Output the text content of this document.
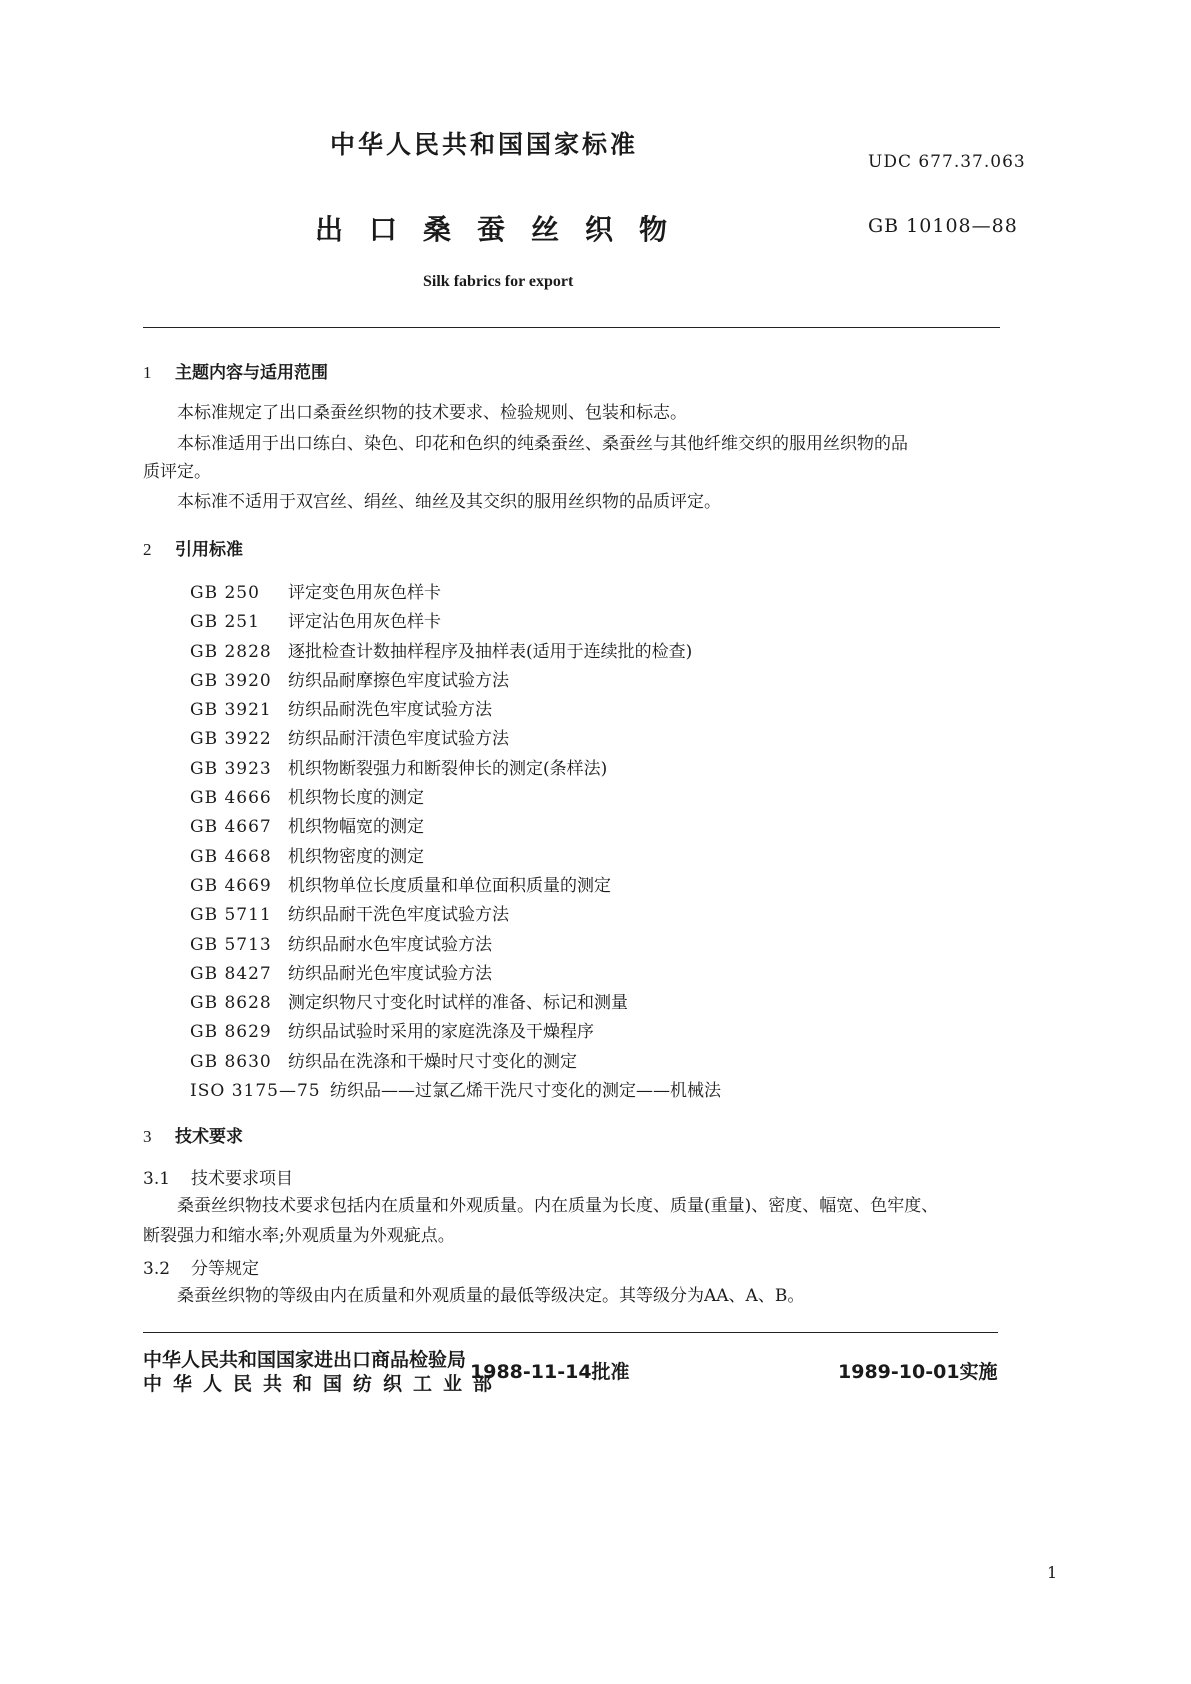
中华人民共和国国家标准
UDC 677.37.063
出口桑蚕丝织物	GB 10108—88
Silk fabrics for export
1 主题内容与适用范围
本标准规定了出口桑蚕丝织物的技术要求、检验规则、包装和标志。
本标准适用于出口练白、染色、印花和色织的纯桑蚕丝、桑蚕丝与其他纤维交织的服用丝织物的品
质评定。
本标准不适用于双宫丝、绢丝、䌷丝及其交织的服用丝织物的品质评定。
2 引用标准
GB 250 评定变色用灰色样卡
GB 251 评定沾色用灰色样卡
GB 2828 逐批检查计数抽样程序及抽样表(适用于连续批的检查)
GB 3920 纺织品耐摩擦色牢度试验方法
GB 3921 纺织品耐洗色牢度试验方法
GB 3922 纺织品耐汗渍色牢度试验方法
GB 3923 机织物断裂强力和断裂伸长的测定(条样法)
GB 4666 机织物长度的测定
GB 4667 机织物幅宽的测定
GB 4668 机织物密度的测定
GB 4669 机织物单位长度质量和单位面积质量的测定
GB 5711 纺织品耐干洗色牢度试验方法
GB 5713 纺织品耐水色牢度试验方法
GB 8427 纺织品耐光色牢度试验方法
GB 8628 测定织物尺寸变化时试样的准备、标记和测量
GB 8629 纺织品试验时采用的家庭洗涤及干燥程序
GB 8630 纺织品在洗涤和干燥时尺寸变化的测定
ISO 3175—75 纺织品——过氯乙烯干洗尺寸变化的测定——机械法
3 技术要求
3.1 技术要求项目
桑蚕丝织物技术要求包括内在质量和外观质量。内在质量为长度、质量(重量)、密度、幅宽、色牢度、
断裂强力和缩水率;外观质量为外观疵点。
3.2 分等规定
桑蚕丝织物的等级由内在质量和外观质量的最低等级决定。其等级分为AA、A、B。
中华人民共和国国家进出口商品检验局
中华人民共和国纺织工业部
1988-11-14批准	1989-10-01实施
1
